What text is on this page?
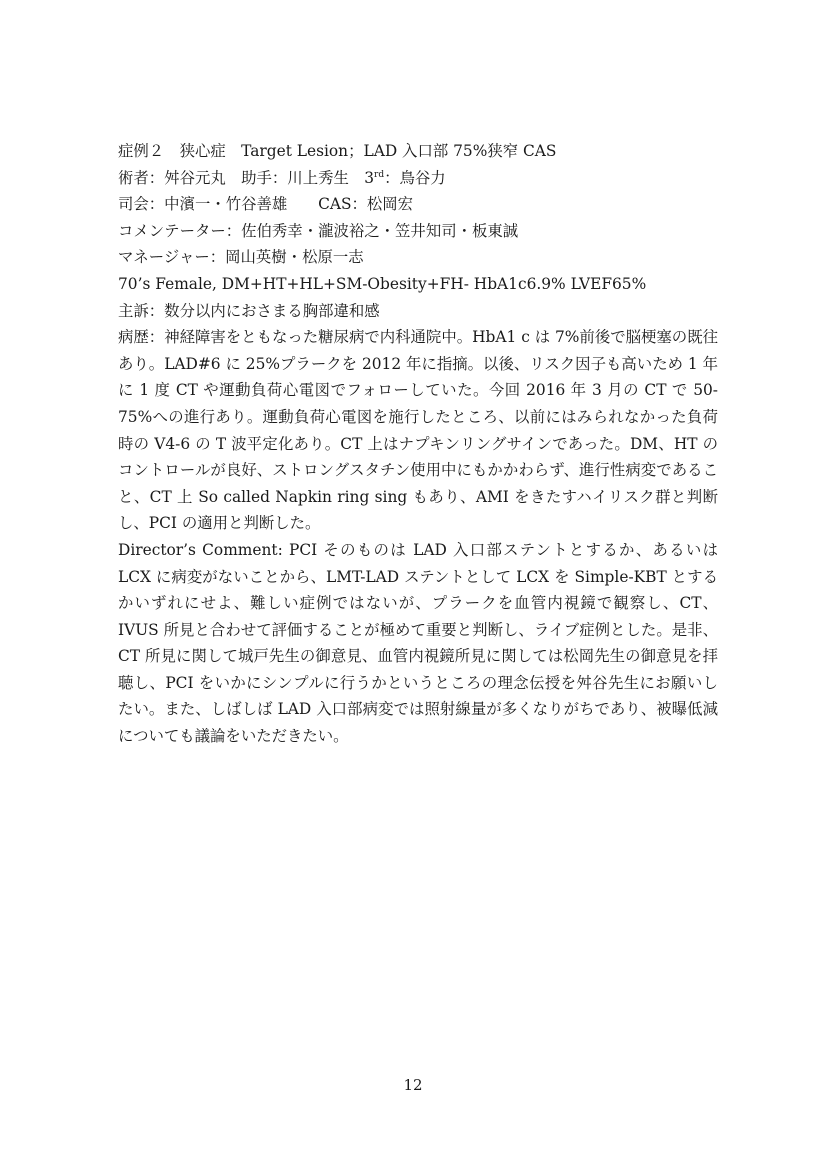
症例２　狭心症　Target Lesion；LAD 入口部 75%狭窄 CAS
術者：舛谷元丸　助手：川上秀生　3rd：鳥谷力
司会：中濱一・竹谷善雄　　CAS：松岡宏
コメンテーター：佐伯秀幸・瀧波裕之・笠井知司・板東誠
マネージャー：岡山英樹・松原一志
70’s Female, DM+HT+HL+SM-Obesity+FH- HbA1c6.9% LVEF65%
主訴：数分以内におさまる胸部違和感

病歴：神経障害をともなった糖尿病で内科通院中。HbA1 c は 7%前後で脳梗塞の既往あり。LAD#6 に 25%プラークを 2012 年に指摘。以後、リスク因子も高いため 1 年に 1 度 CT や運動負荷心電図でフォローしていた。今回 2016 年 3 月の CT で 50-75%への進行あり。運動負荷心電図を施行したところ、以前にはみられなかった負荷時の V4-6 の T 波平定化あり。CT 上はナプキンリングサインであった。DM、HT のコントロールが良好、ストロングスタチン使用中にもかかわらず、進行性病変であること、CT 上 So called Napkin ring sing もあり、AMI をきたすハイリスク群と判断し、PCI の適用と判断した。

Director’s Comment: PCI そのものは LAD 入口部ステントとするか、あるいは LCX に病変がないことから、LMT-LAD ステントとして LCX を Simple-KBT とするかいずれにせよ、難しい症例ではないが、プラークを血管内視鏡で観察し、CT、IVUS 所見と合わせて評価することが極めて重要と判断し、ライブ症例とした。是非、CT 所見に関して城戸先生の御意見、血管内視鏡所見に関しては松岡先生の御意見を拝聴し、PCI をいかにシンプルに行うかというところの理念伝授を舛谷先生にお願いしたい。また、しばしば LAD 入口部病変では照射線量が多くなりがちであり、被曝低減についても議論をいただきたい。

12
